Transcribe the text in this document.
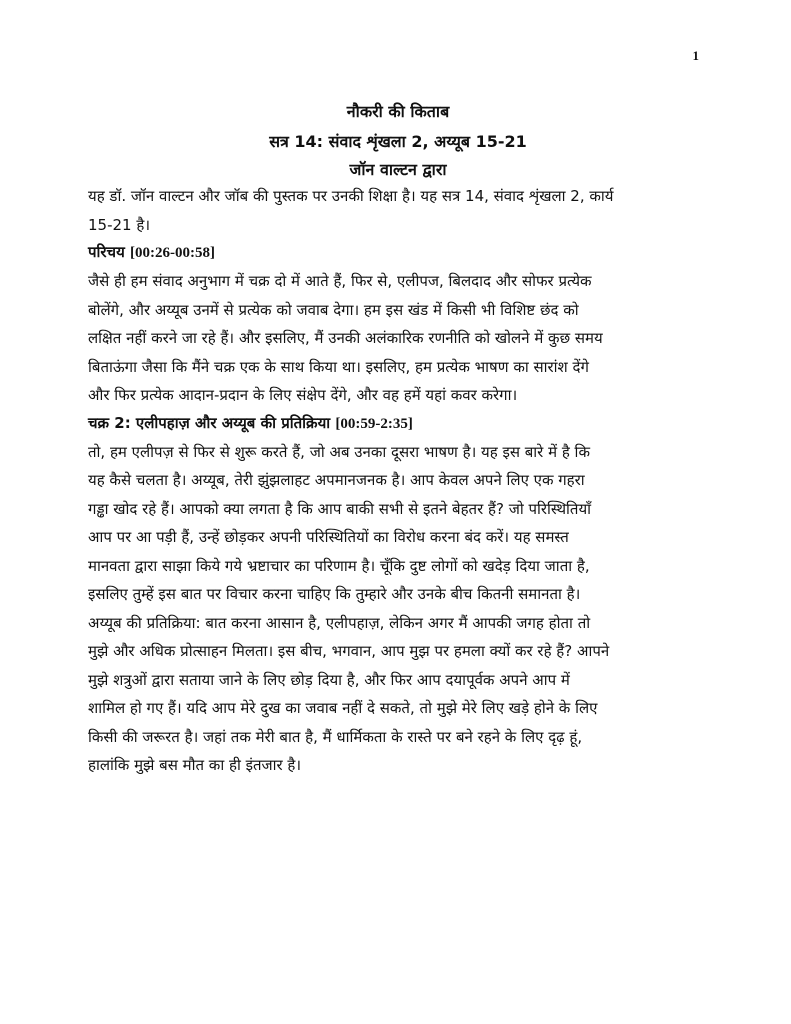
1
नौकरी की किताब
सत्र 14: संवाद शृंखला 2, अय्यूब 15-21
जॉन वाल्टन द्वारा

यह डॉ. जॉन वाल्टन और जॉब की पुस्तक पर उनकी शिक्षा है। यह सत्र 14, संवाद शृंखला 2, कार्य
15-21 है।

परिचय [00:26-00:58]

जैसे ही हम संवाद अनुभाग में चक्र दो में आते हैं, फिर से, एलीपज, बिलदाद और सोफर प्रत्येक
बोलेंगे, और अय्यूब उनमें से प्रत्येक को जवाब देगा। हम इस खंड में किसी भी विशिष्ट छंद को
लक्षित नहीं करने जा रहे हैं। और इसलिए, मैं उनकी अलंकारिक रणनीति को खोलने में कुछ समय
बिताऊंगा जैसा कि मैंने चक्र एक के साथ किया था। इसलिए, हम प्रत्येक भाषण का सारांश देंगे
और फिर प्रत्येक आदान-प्रदान के लिए संक्षेप देंगे, और वह हमें यहां कवर करेगा।

चक्र 2: एलीपहाज़ और अय्यूब की प्रतिक्रिया [00:59-2:35]

तो, हम एलीपज़ से फिर से शुरू करते हैं, जो अब उनका दूसरा भाषण है। यह इस बारे में है कि
यह कैसे चलता है। अय्यूब, तेरी झुंझलाहट अपमानजनक है। आप केवल अपने लिए एक गहरा
गड्ढा खोद रहे हैं। आपको क्या लगता है कि आप बाकी सभी से इतने बेहतर हैं? जो परिस्थितियाँ
आप पर आ पड़ी हैं, उन्हें छोड़कर अपनी परिस्थितियों का विरोध करना बंद करें। यह समस्त
मानवता द्वारा साझा किये गये भ्रष्टाचार का परिणाम है। चूँकि दुष्ट लोगों को खदेड़ दिया जाता है,
इसलिए तुम्हें इस बात पर विचार करना चाहिए कि तुम्हारे और उनके बीच कितनी समानता है।
अय्यूब की प्रतिक्रिया: बात करना आसान है, एलीपहाज़, लेकिन अगर मैं आपकी जगह होता तो
मुझे और अधिक प्रोत्साहन मिलता। इस बीच, भगवान, आप मुझ पर हमला क्यों कर रहे हैं? आपने
मुझे शत्रुओं द्वारा सताया जाने के लिए छोड़ दिया है, और फिर आप दयापूर्वक अपने आप में
शामिल हो गए हैं। यदि आप मेरे दुख का जवाब नहीं दे सकते, तो मुझे मेरे लिए खड़े होने के लिए
किसी की जरूरत है। जहां तक मेरी बात है, मैं धार्मिकता के रास्ते पर बने रहने के लिए दृढ़ हूं,
हालांकि मुझे बस मौत का ही इंतजार है।
